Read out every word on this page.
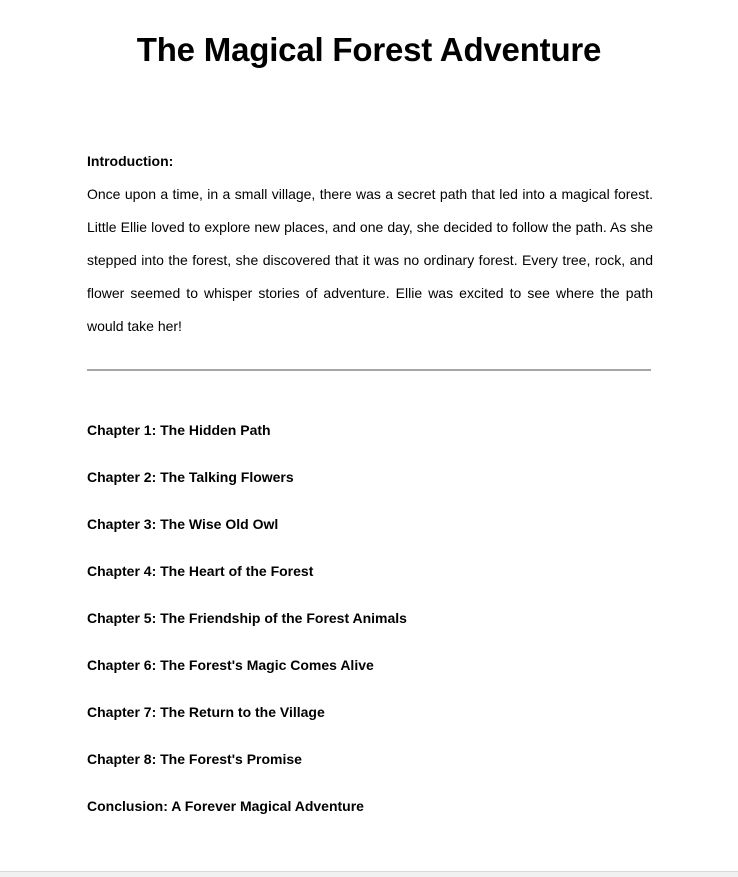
The Magical Forest Adventure
Introduction:
Once upon a time, in a small village, there was a secret path that led into a magical forest. Little Ellie loved to explore new places, and one day, she decided to follow the path. As she stepped into the forest, she discovered that it was no ordinary forest. Every tree, rock, and flower seemed to whisper stories of adventure. Ellie was excited to see where the path would take her!
Chapter 1: The Hidden Path
Chapter 2: The Talking Flowers
Chapter 3: The Wise Old Owl
Chapter 4: The Heart of the Forest
Chapter 5: The Friendship of the Forest Animals
Chapter 6: The Forest's Magic Comes Alive
Chapter 7: The Return to the Village
Chapter 8: The Forest's Promise
Conclusion: A Forever Magical Adventure
